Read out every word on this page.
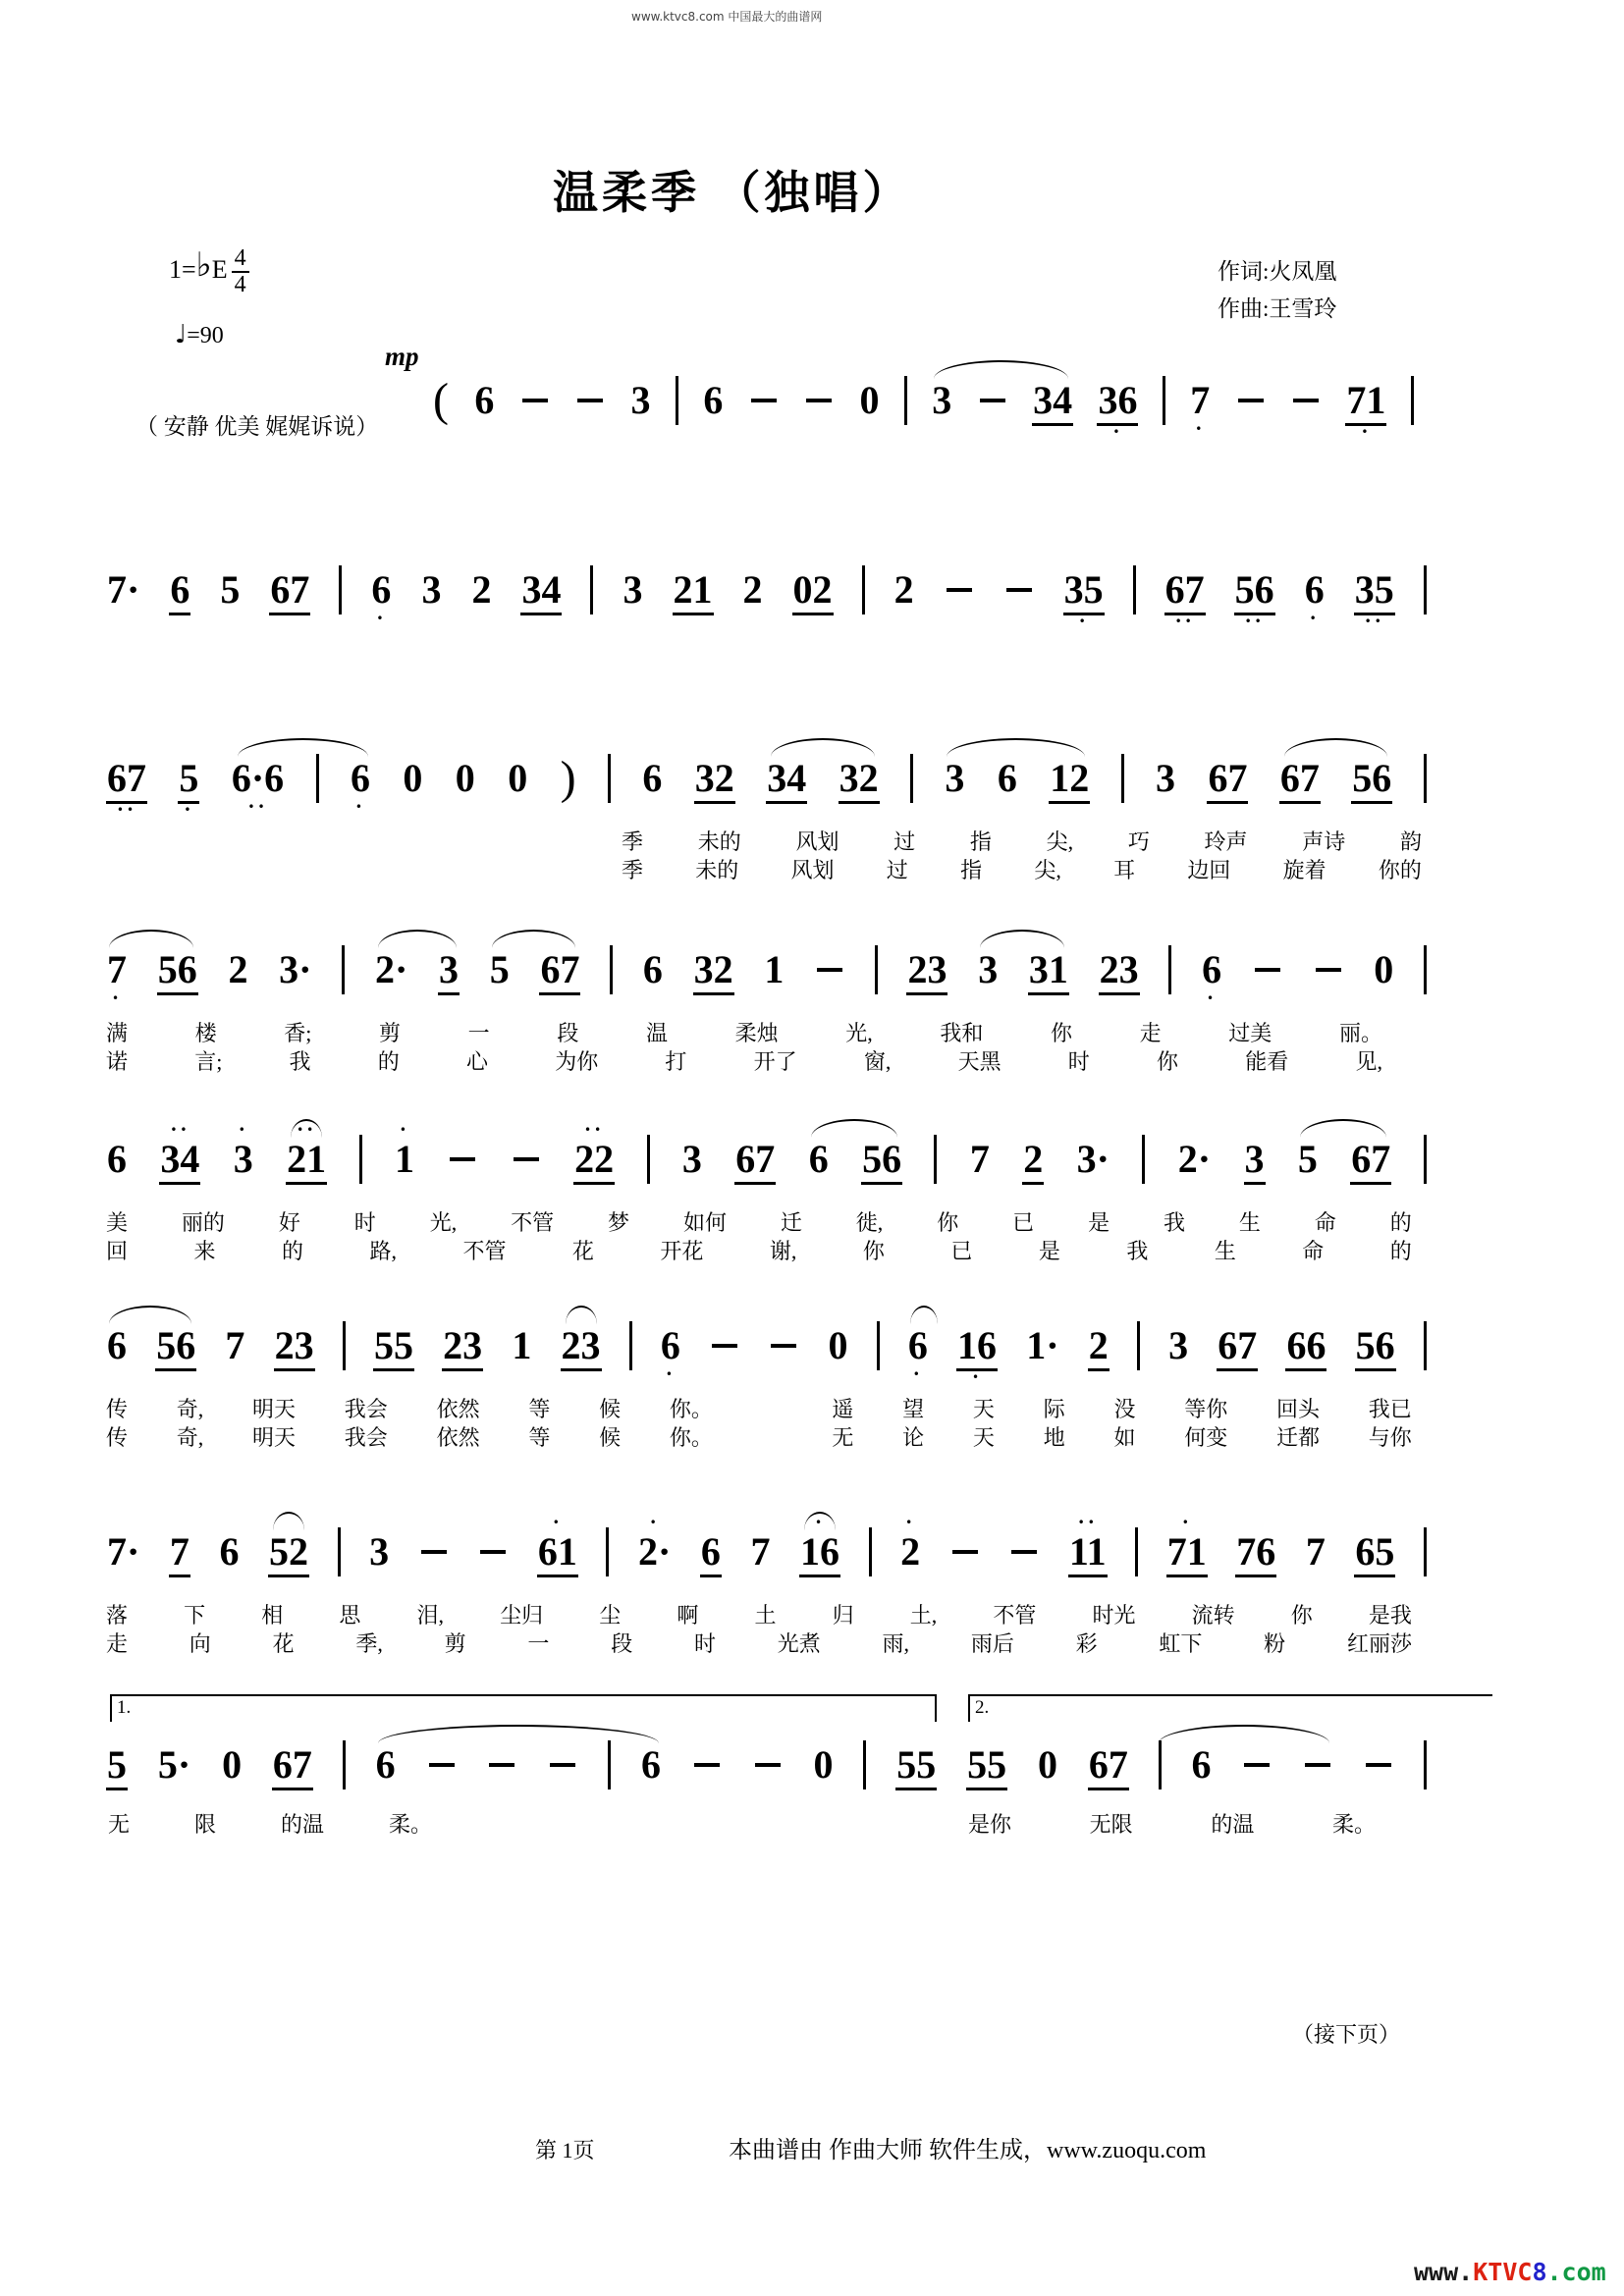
www.ktvc8.com 中国最大的曲谱网
温柔季 （独唱）
作词:火凤凰
作曲:王雪玲
1=♭E $\frac{4}{4}$
♩=90
mp
（ 安静 优美 娓娓诉说）
（接下页）
第 1页	本曲谱由 作曲大师 软件生成，www.zuoqu.com
www.KTVC8.com
( 6	3 6	0 3 34 36
•
7
•
71
•
7· 6 5 67 6
•
3 2 34 3 21 2 02 2	35
•
67
••
56
••
6
•
35
••
67
••
5
•
6·6
••
6
•
0 0 0 ) 6 32 34 32 3 6 12 3 67 67 56
季	未的	风划	过	指	尖,	巧	玲声	声诗	韵
季 未的 风划 过 指 尖, 耳 边回 旋着 你的
7
•
56 2 3· 2· 3 5 67 6 32 1	23 3 31 23 6
•
0
满	楼	香;	剪	一	段	温	柔烛	光,	我和	你	走	过美	丽。
诺	言;	我	的	心	为你	打	开了	窗,	天黑	时	你	能看	见,
6
••
34
•
3
••
21
•
1
••
22 3 67 6 56 7 2 3· 2· 3 5 67
美 丽的 好 时 光, 不管 梦 如何 迁 徙, 你 已 是 我 生 命 的
回	来	的	路,	不管	花	开花	谢,	你	已	是	我	生	命	的
6 56 7 23 55 23 1 23 6
•
0 6
•
16
•
1· 2 3 67 66 56
传 奇, 明天 我会 依然 等 候 你。
　	遥 望 天 际 没 等你 回头 我已
传 奇, 明天 我会 依然 等 候 你。
　	无 论 天 地 如 何变 迁都 与你
7· 7 6 52 3
•
61
•
2· 6 7
•
16
•
2
••
11
•
71 76 7 65
落	下	相	思	泪,	尘归	尘	啊	土	归	土,	不管	时光	流转	你	是我
走	向	花	季,	剪	一	段	时	光煮	雨,	雨后	彩	虹下	粉	红丽莎
5 5· 0 67 6	6	0 55 55 0 67 6
无	限	的温	柔。	是你	无限	的温	柔。
1.	2.
